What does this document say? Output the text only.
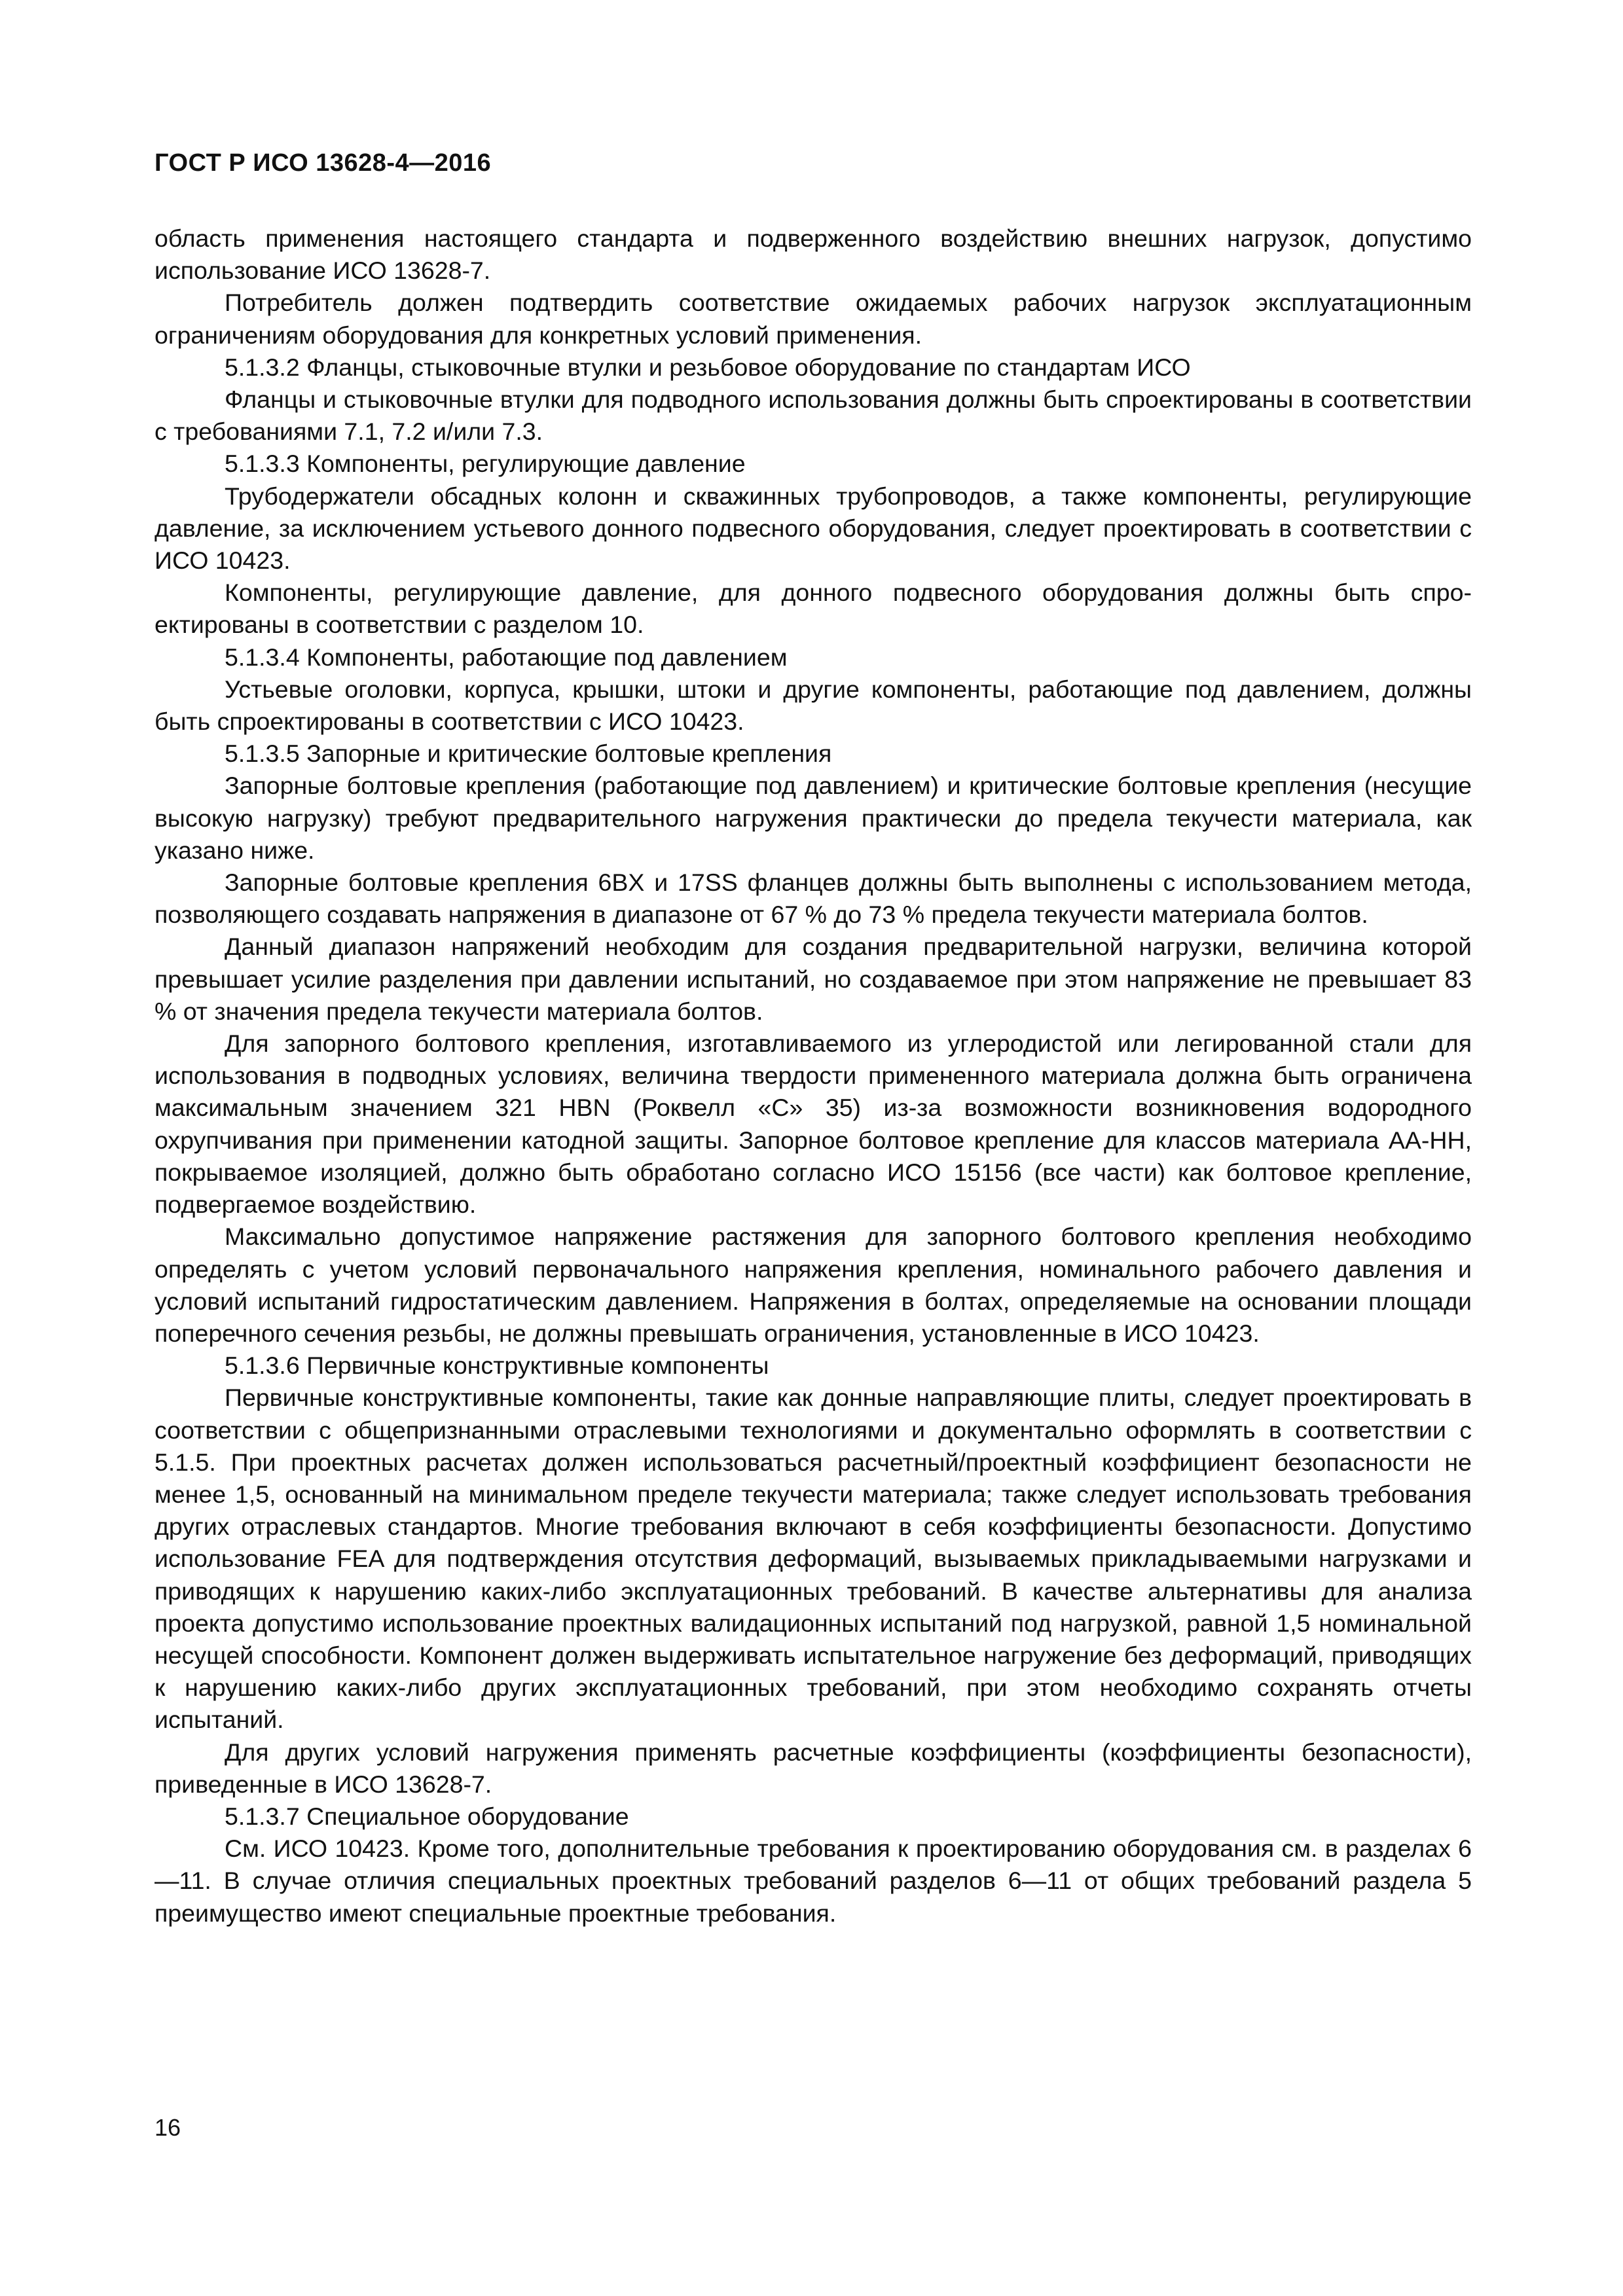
ГОСТ Р ИСО 13628-4—2016

область применения настоящего стандарта и подверженного воздействию внешних нагрузок, допустимо использование ИСО 13628-7.

Потребитель должен подтвердить соответствие ожидаемых рабочих нагрузок эксплуатационным ограничениям оборудования для конкретных условий применения.

5.1.3.2 Фланцы, стыковочные втулки и резьбовое оборудование по стандартам ИСО

Фланцы и стыковочные втулки для подводного использования должны быть спроектированы в соответствии с требованиями 7.1, 7.2 и/или 7.3.

5.1.3.3 Компоненты, регулирующие давление

Трубодержатели обсадных колонн и скважинных трубопроводов, а также компоненты, регулирующие давление, за исключением устьевого донного подвесного оборудования, следует проектировать в соответствии с ИСО 10423.

Компоненты, регулирующие давление, для донного подвесного оборудования должны быть спроектированы в соответствии с разделом 10.

5.1.3.4 Компоненты, работающие под давлением

Устьевые оголовки, корпуса, крышки, штоки и другие компоненты, работающие под давлением, должны быть спроектированы в соответствии с ИСО 10423.

5.1.3.5 Запорные и критические болтовые крепления

Запорные болтовые крепления (работающие под давлением) и критические болтовые крепления (несущие высокую нагрузку) требуют предварительного нагружения практически до предела текучести материала, как указано ниже.

Запорные болтовые крепления 6BX и 17SS фланцев должны быть выполнены с использованием метода, позволяющего создавать напряжения в диапазоне от 67 % до 73 % предела текучести материала болтов.

Данный диапазон напряжений необходим для создания предварительной нагрузки, величина которой превышает усилие разделения при давлении испытаний, но создаваемое при этом напряжение не превышает 83 % от значения предела текучести материала болтов.

Для запорного болтового крепления, изготавливаемого из углеродистой или легированной стали для использования в подводных условиях, величина твердости примененного материала должна быть ограничена максимальным значением 321 HBN (Роквелл «C» 35) из-за возможности возникновения водородного охрупчивания при применении катодной защиты. Запорное болтовое крепление для классов материала AA-HH, покрываемое изоляцией, должно быть обработано согласно ИСО 15156 (все части) как болтовое крепление, подвергаемое воздействию.

Максимально допустимое напряжение растяжения для запорного болтового крепления необходимо определять с учетом условий первоначального напряжения крепления, номинального рабочего давления и условий испытаний гидростатическим давлением. Напряжения в болтах, определяемые на основании площади поперечного сечения резьбы, не должны превышать ограничения, установленные в ИСО 10423.

5.1.3.6 Первичные конструктивные компоненты

Первичные конструктивные компоненты, такие как донные направляющие плиты, следует проектировать в соответствии с общепризнанными отраслевыми технологиями и документально оформлять в соответствии с 5.1.5. При проектных расчетах должен использоваться расчетный/проектный коэффициент безопасности не менее 1,5, основанный на минимальном пределе текучести материала; также следует использовать требования других отраслевых стандартов. Многие требования включают в себя коэффициенты безопасности. Допустимо использование FEA для подтверждения отсутствия деформаций, вызываемых прикладываемыми нагрузками и приводящих к нарушению каких-либо эксплуатационных требований. В качестве альтернативы для анализа проекта допустимо использование проектных валидационных испытаний под нагрузкой, равной 1,5 номинальной несущей способности. Компонент должен выдерживать испытательное нагружение без деформаций, приводящих к нарушению каких-либо других эксплуатационных требований, при этом необходимо сохранять отчеты испытаний.

Для других условий нагружения применять расчетные коэффициенты (коэффициенты безопасности), приведенные в ИСО 13628-7.

5.1.3.7 Специальное оборудование

См. ИСО 10423. Кроме того, дополнительные требования к проектированию оборудования см. в разделах 6—11. В случае отличия специальных проектных требований разделов 6—11 от общих требований раздела 5 преимущество имеют специальные проектные требования.

16
